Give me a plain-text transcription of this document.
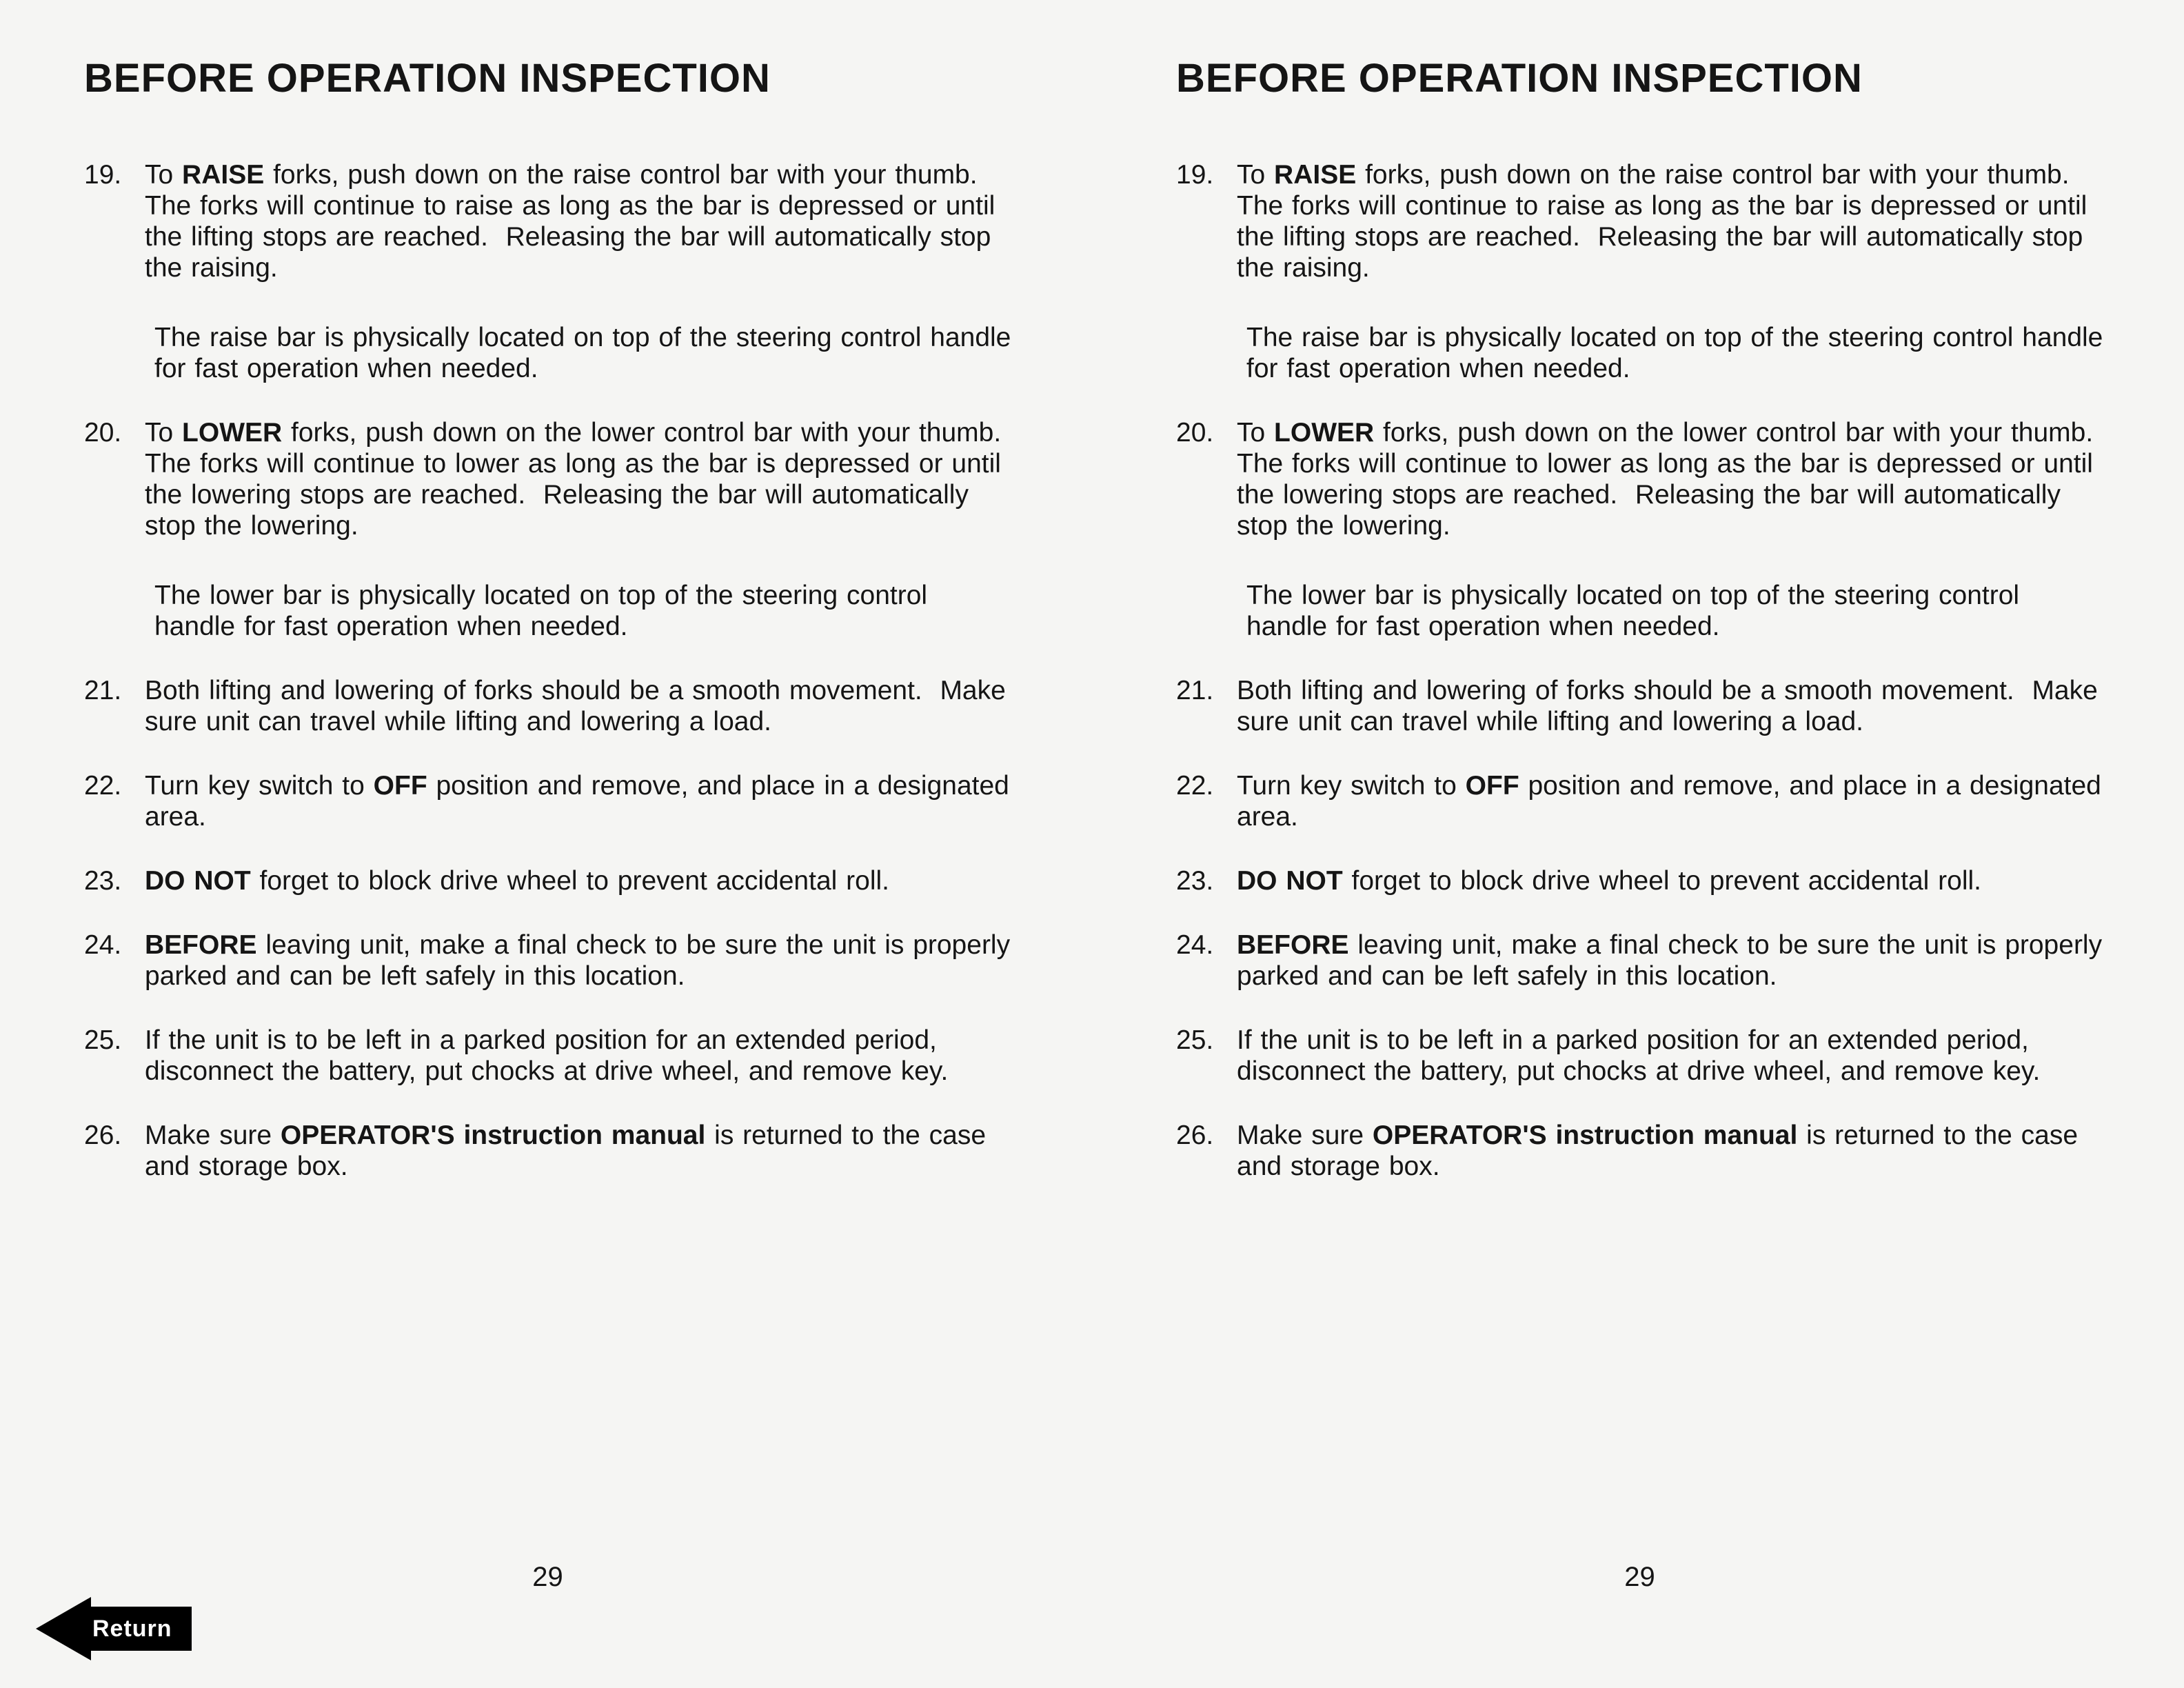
BEFORE OPERATION INSPECTION
19. To RAISE forks, push down on the raise control bar with your thumb.  The forks will continue to raise as long as the bar is depressed or until the lifting stops are reached.  Releasing the bar will automatically stop the raising.

The raise bar is physically located on top of the steering control handle for fast operation when needed.

20. To LOWER forks, push down on the lower control bar with your thumb.  The forks will continue to lower as long as the bar is depressed or until the lowering stops are reached.  Releasing the bar will automatically stop the lowering.

The lower bar is physically located on top of the steering control handle for fast operation when needed.

21. Both lifting and lowering of forks should be a smooth movement.  Make sure unit can travel while lifting and lowering a load.

22. Turn key switch to OFF position and remove, and place in a designated area.

23. DO NOT forget to block drive wheel to prevent accidental roll.

24. BEFORE leaving unit, make a final check to be sure the unit is properly parked and can be left safely in this location.

25. If the unit is to be left in a parked position for an extended period, disconnect the battery, put chocks at drive wheel, and remove key.

26. Make sure OPERATOR'S instruction manual is returned to the case and storage box.

29
BEFORE OPERATION INSPECTION
19. To RAISE forks, push down on the raise control bar with your thumb.  The forks will continue to raise as long as the bar is depressed or until the lifting stops are reached.  Releasing the bar will automatically stop the raising.

The raise bar is physically located on top of the steering control handle for fast operation when needed.

20. To LOWER forks, push down on the lower control bar with your thumb.  The forks will continue to lower as long as the bar is depressed or until the lowering stops are reached.  Releasing the bar will automatically stop the lowering.

The lower bar is physically located on top of the steering control handle for fast operation when needed.

21. Both lifting and lowering of forks should be a smooth movement.  Make sure unit can travel while lifting and lowering a load.

22. Turn key switch to OFF position and remove, and place in a designated area.

23. DO NOT forget to block drive wheel to prevent accidental roll.

24. BEFORE leaving unit, make a final check to be sure the unit is properly parked and can be left safely in this location.

25. If the unit is to be left in a parked position for an extended period, disconnect the battery, put chocks at drive wheel, and remove key.

26. Make sure OPERATOR'S instruction manual is returned to the case and storage box.

29
Return
